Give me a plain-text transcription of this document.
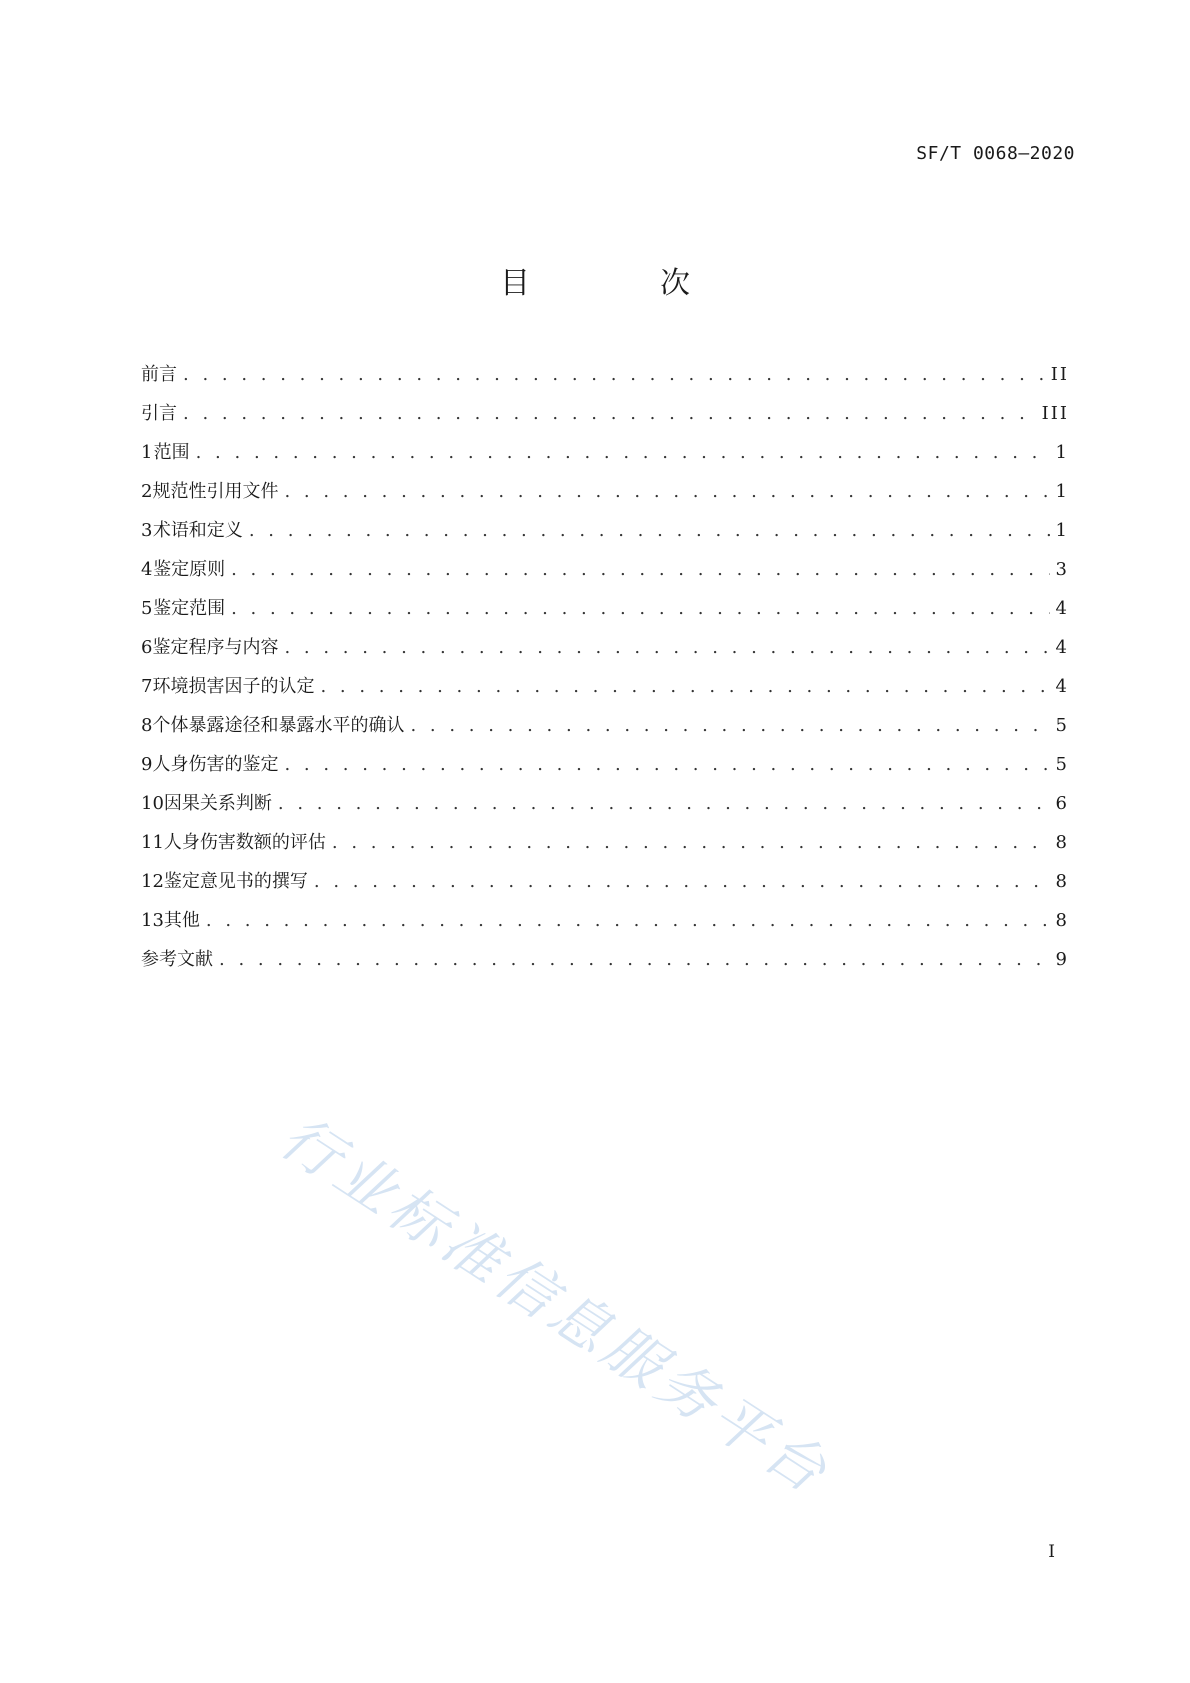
SF/T 0068—2020
目　次
前言 . . .	II
引言 . . .	III
1 范围 . . .	1
2 规范性引用文件 . . .	1
3 术语和定义 . . .	1
4 鉴定原则 . . .	3
5 鉴定范围 . . .	4
6 鉴定程序与内容 . . .	4
7 环境损害因子的认定 . . .	4
8 个体暴露途径和暴露水平的确认 . . .	5
9 人身伤害的鉴定 . . .	5
10 因果关系判断 . . .	6
11 人身伤害数额的评估 . . .	8
12 鉴定意见书的撰写 . . .	8
13 其他 . . .	8
参考文献 . . .	9
行业标准信息服务平台
I
